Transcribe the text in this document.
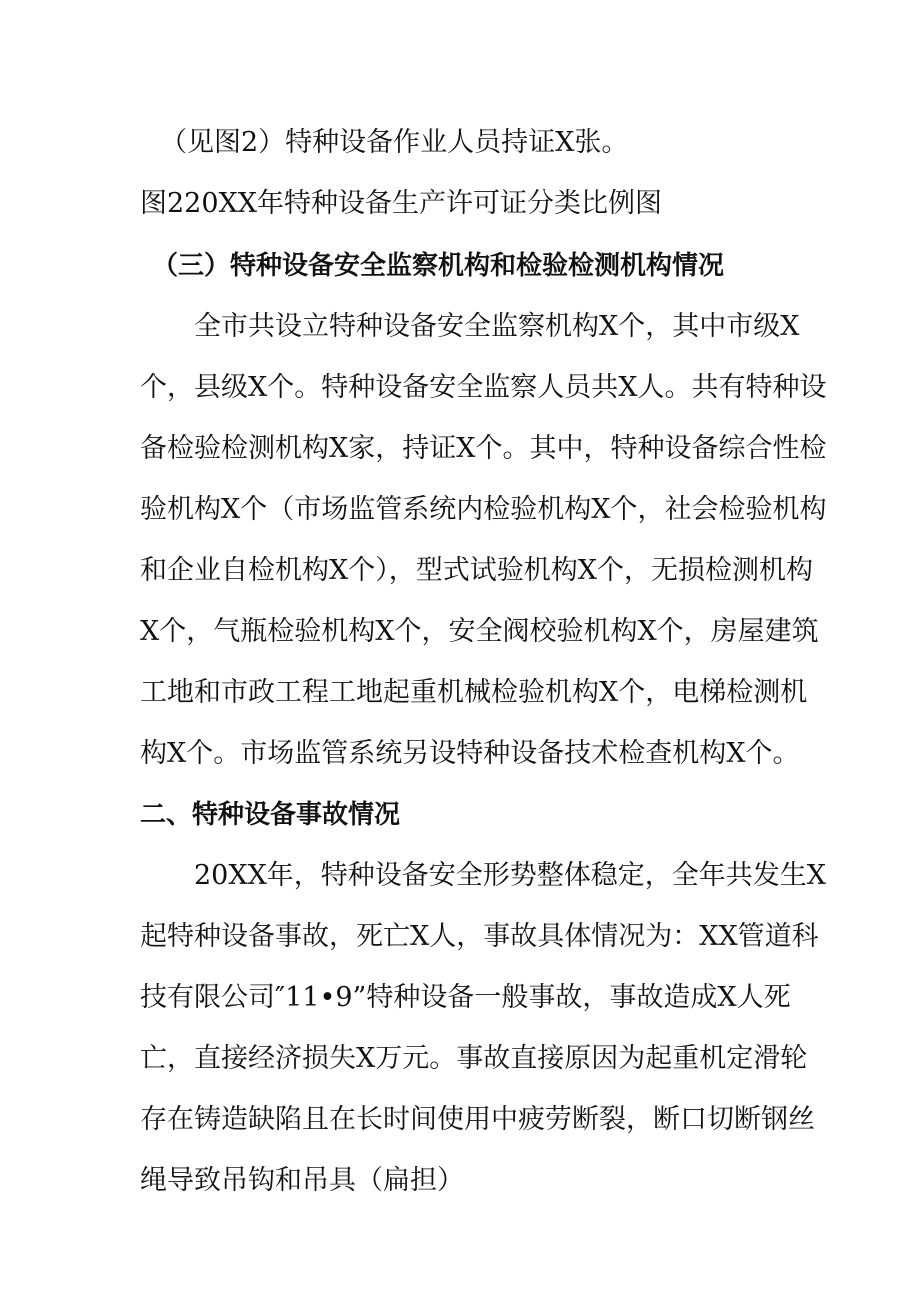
（见图2）特种设备作业人员持证X张。
图220XX年特种设备生产许可证分类比例图
（三）特种设备安全监察机构和检验检测机构情况
全市共设立特种设备安全监察机构X个，其中市级X
个，县级X个。特种设备安全监察人员共X人。共有特种设
备检验检测机构X家，持证X个。其中，特种设备综合性检
验机构X个（市场监管系统内检验机构X个，社会检验机构
和企业自检机构X个），型式试验机构X个，无损检测机构
X个，气瓶检验机构X个，安全阀校验机构X个，房屋建筑
工地和市政工程工地起重机械检验机构X个，电梯检测机
构X个。市场监管系统另设特种设备技术检查机构X个。
二、特种设备事故情况
20XX年，特种设备安全形势整体稳定，全年共发生X
起特种设备事故，死亡X人，事故具体情况为：XX管道科
技有限公司″11•9”特种设备一般事故，事故造成X人死
亡，直接经济损失X万元。事故直接原因为起重机定滑轮
存在铸造缺陷且在长时间使用中疲劳断裂，断口切断钢丝
绳导致吊钩和吊具（扁担）
